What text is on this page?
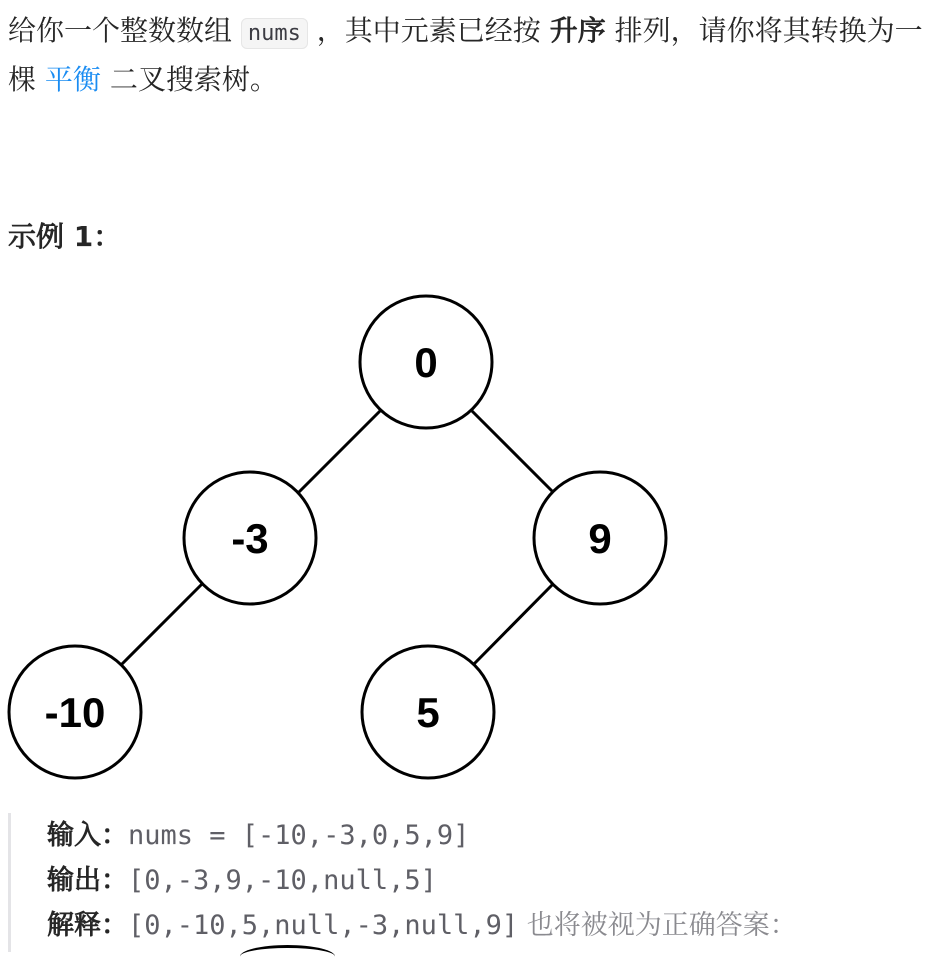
给你一个整数数组 nums ，其中元素已经按 升序 排列，请你将其转换为一棵 平衡 二叉搜索树。

示例 1：

0
-3	9
-10	5
输入：nums = [-10,-3,0,5,9]
输出：[0,-3,9,-10,null,5]
解释：[0,-10,5,null,-3,null,9] 也将被视为正确答案：
